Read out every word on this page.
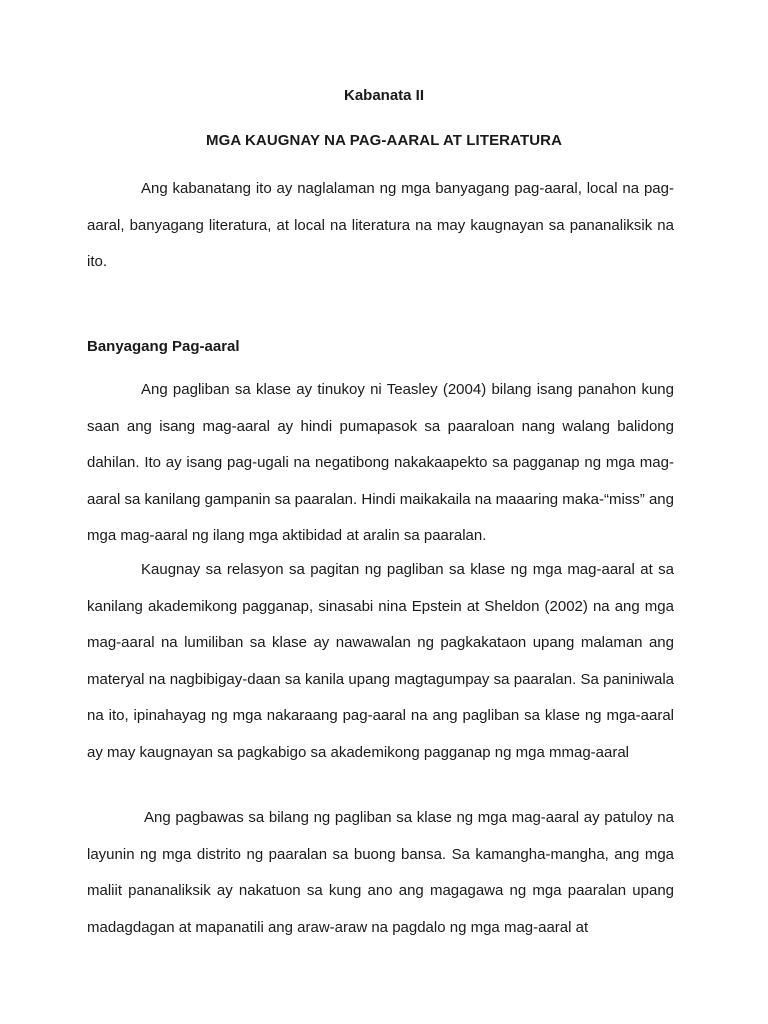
Kabanata II

MGA KAUGNAY NA PAG-AARAL AT LITERATURA

Ang kabanatang ito ay naglalaman ng mga banyagang pag-aaral, local na pag-aaral, banyagang literatura, at local na literatura na may kaugnayan sa pananaliksik na ito.

Banyagang Pag-aaral

Ang pagliban sa klase ay tinukoy ni Teasley (2004) bilang isang panahon kung saan ang isang mag-aaral ay hindi pumapasok sa paaraloan nang walang balidong dahilan. Ito ay isang pag-ugali na negatibong nakakaapekto sa pagganap ng mga mag-aaral sa kanilang gampanin sa paaralan. Hindi maikakaila na maaaring maka-“miss” ang mga mag-aaral ng ilang mga aktibidad at aralin sa paaralan.

Kaugnay sa relasyon sa pagitan ng pagliban sa klase ng mga mag-aaral at sa kanilang akademikong pagganap, sinasabi nina Epstein at Sheldon (2002) na ang mga mag-aaral na lumiliban sa klase ay nawawalan ng pagkakataon upang malaman ang materyal na nagbibigay-daan sa kanila upang magtagumpay sa paaralan. Sa paniniwala na ito, ipinahayag ng mga nakaraang pag-aaral na ang pagliban sa klase ng mga-aaral ay may kaugnayan sa pagkabigo sa akademikong pagganap ng mga mmag-aaral

Ang pagbawas sa bilang ng pagliban sa klase ng mga mag-aaral ay patuloy na layunin ng mga distrito ng paaralan sa buong bansa. Sa kamangha-mangha, ang mga maliit pananaliksik ay nakatuon sa kung ano ang magagawa ng mga paaralan upang madagdagan at mapanatili ang araw-araw na pagdalo ng mga mag-aaral at
